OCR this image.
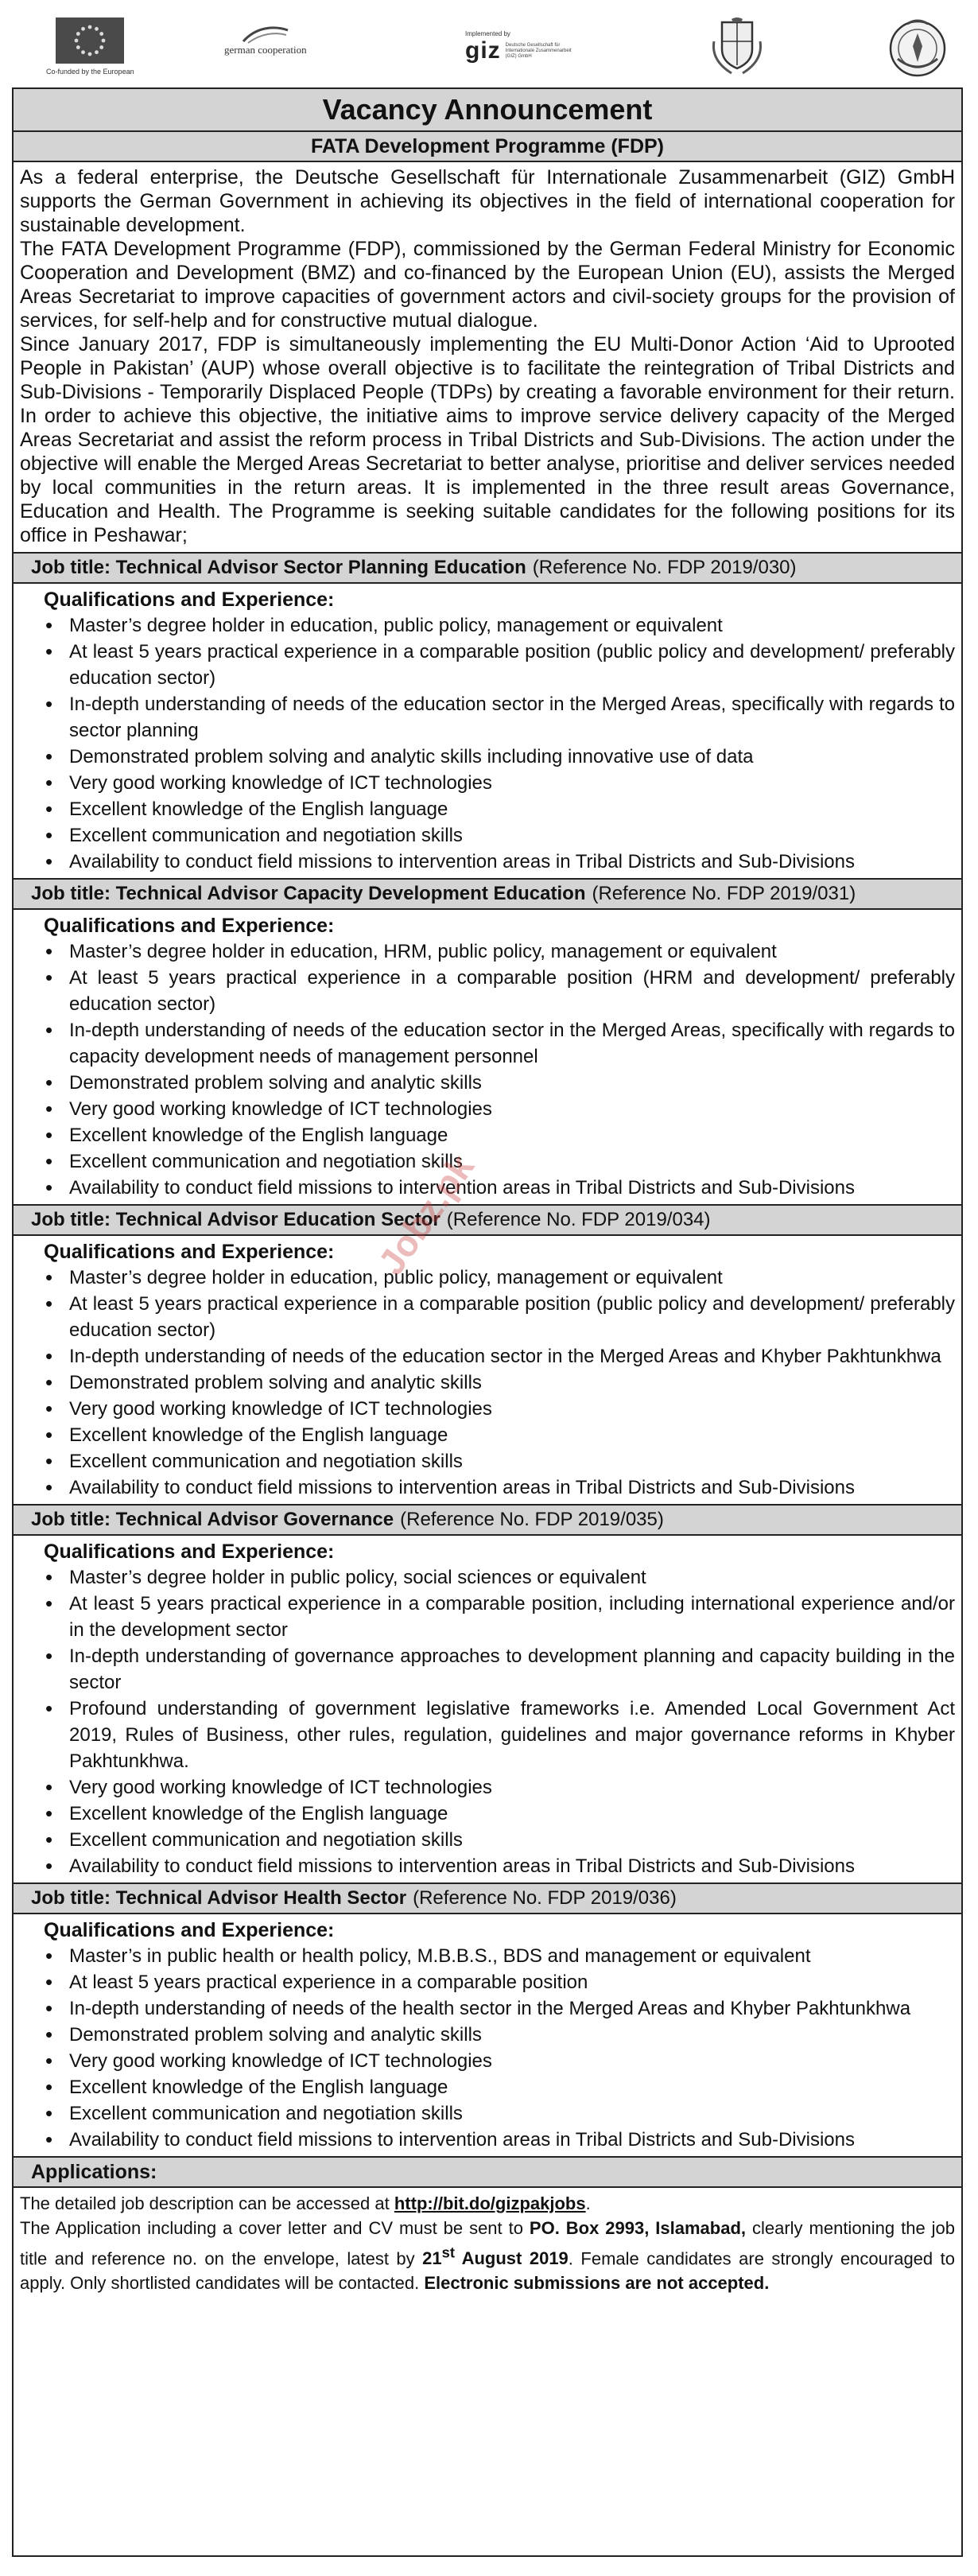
Co-funded by the European
german cooperation
Implemented by
giz Deutsche Gesellschaft für Internationale Zusammenarbeit (GIZ) GmbH
Vacancy Announcement
FATA Development Programme (FDP)

As a federal enterprise, the Deutsche Gesellschaft für Internationale Zusammenarbeit (GIZ) GmbH supports the German Government in achieving its objectives in the field of international cooperation for sustainable development.

The FATA Development Programme (FDP), commissioned by the German Federal Ministry for Economic Cooperation and Development (BMZ) and co-financed by the European Union (EU), assists the Merged Areas Secretariat to improve capacities of government actors and civil-society groups for the provision of services, for self-help and for constructive mutual dialogue.

Since January 2017, FDP is simultaneously implementing the EU Multi-Donor Action ‘Aid to Uprooted People in Pakistan’ (AUP) whose overall objective is to facilitate the reintegration of Tribal Districts and Sub-Divisions - Temporarily Displaced People (TDPs) by creating a favorable environment for their return. In order to achieve this objective, the initiative aims to improve service delivery capacity of the Merged Areas Secretariat and assist the reform process in Tribal Districts and Sub-Divisions. The action under the objective will enable the Merged Areas Secretariat to better analyse, prioritise and deliver services needed by local communities in the return areas. It is implemented in the three result areas Governance, Education and Health. The Programme is seeking suitable candidates for the following positions for its office in Peshawar;

Job title: Technical Advisor Sector Planning Education (Reference No. FDP 2019/030)
Qualifications and Experience:
• Master’s degree holder in education, public policy, management or equivalent
• At least 5 years practical experience in a comparable position (public policy and development/ preferably education sector)
• In-depth understanding of needs of the education sector in the Merged Areas, specifically with regards to sector planning
• Demonstrated problem solving and analytic skills including innovative use of data
• Very good working knowledge of ICT technologies
• Excellent knowledge of the English language
• Excellent communication and negotiation skills
• Availability to conduct field missions to intervention areas in Tribal Districts and Sub-Divisions
Job title: Technical Advisor Capacity Development Education (Reference No. FDP 2019/031)
Qualifications and Experience:
• Master’s degree holder in education, HRM, public policy, management or equivalent
• At least 5 years practical experience in a comparable position (HRM and development/ preferably education sector)
• In-depth understanding of needs of the education sector in the Merged Areas, specifically with regards to capacity development needs of management personnel
• Demonstrated problem solving and analytic skills
• Very good working knowledge of ICT technologies
• Excellent knowledge of the English language
• Excellent communication and negotiation skills
• Availability to conduct field missions to intervention areas in Tribal Districts and Sub-Divisions
Job title: Technical Advisor Education Sector (Reference No. FDP 2019/034)
Qualifications and Experience:
• Master’s degree holder in education, public policy, management or equivalent
• At least 5 years practical experience in a comparable position (public policy and development/ preferably education sector)
• In-depth understanding of needs of the education sector in the Merged Areas and Khyber Pakhtunkhwa
• Demonstrated problem solving and analytic skills
• Very good working knowledge of ICT technologies
• Excellent knowledge of the English language
• Excellent communication and negotiation skills
• Availability to conduct field missions to intervention areas in Tribal Districts and Sub-Divisions
Job title: Technical Advisor Governance (Reference No. FDP 2019/035)
Qualifications and Experience:
• Master’s degree holder in public policy, social sciences or equivalent
• At least 5 years practical experience in a comparable position, including international experience and/or in the development sector
• In-depth understanding of governance approaches to development planning and capacity building in the sector
• Profound understanding of government legislative frameworks i.e. Amended Local Government Act 2019, Rules of Business, other rules, regulation, guidelines and major governance reforms in Khyber Pakhtunkhwa.
• Very good working knowledge of ICT technologies
• Excellent knowledge of the English language
• Excellent communication and negotiation skills
• Availability to conduct field missions to intervention areas in Tribal Districts and Sub-Divisions
Job title: Technical Advisor Health Sector (Reference No. FDP 2019/036)
Qualifications and Experience:
• Master’s in public health or health policy, M.B.B.S., BDS and management or equivalent
• At least 5 years practical experience in a comparable position
• In-depth understanding of needs of the health sector in the Merged Areas and Khyber Pakhtunkhwa
• Demonstrated problem solving and analytic skills
• Very good working knowledge of ICT technologies
• Excellent knowledge of the English language
• Excellent communication and negotiation skills
• Availability to conduct field missions to intervention areas in Tribal Districts and Sub-Divisions
Applications:

The detailed job description can be accessed at http://bit.do/gizpakjobs.

The Application including a cover letter and CV must be sent to PO. Box 2993, Islamabad, clearly mentioning the job title and reference no. on the envelope, latest by 21st August 2019. Female candidates are strongly encouraged to apply. Only shortlisted candidates will be contacted. Electronic submissions are not accepted.

Jobz.pk
